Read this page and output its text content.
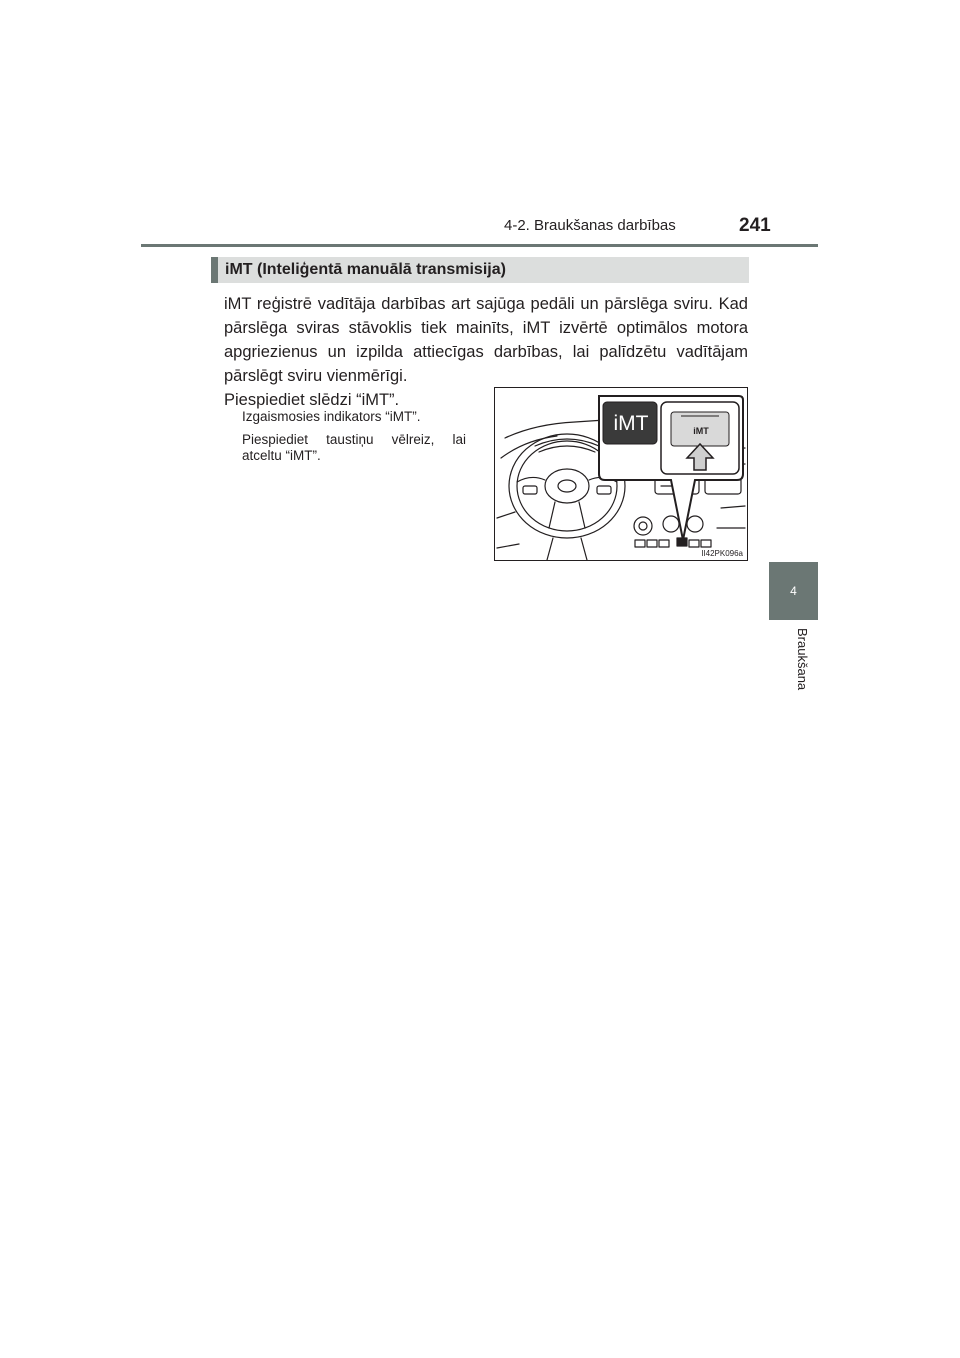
4-2. Braukšanas darbības	241
4
Braukšana
iMT (Inteliģentā manuālā transmisija)
iMT reģistrē vadītāja darbības art sajūga pedāli un pārslēga sviru. Kad pārslēga sviras stāvoklis tiek mainīts, iMT izvērtē optimālos motora apgriezienus un izpilda attiecīgas darbības, lai palīdzētu vadītājam pārslēgt sviru vienmērīgi.
Piespiediet slēdzi “iMT”.
Izgaismosies indikators “iMT”.
Piespiediet taustiņu vēlreiz, lai atceltu “iMT”.
iMT	iMT
II42PK096a
